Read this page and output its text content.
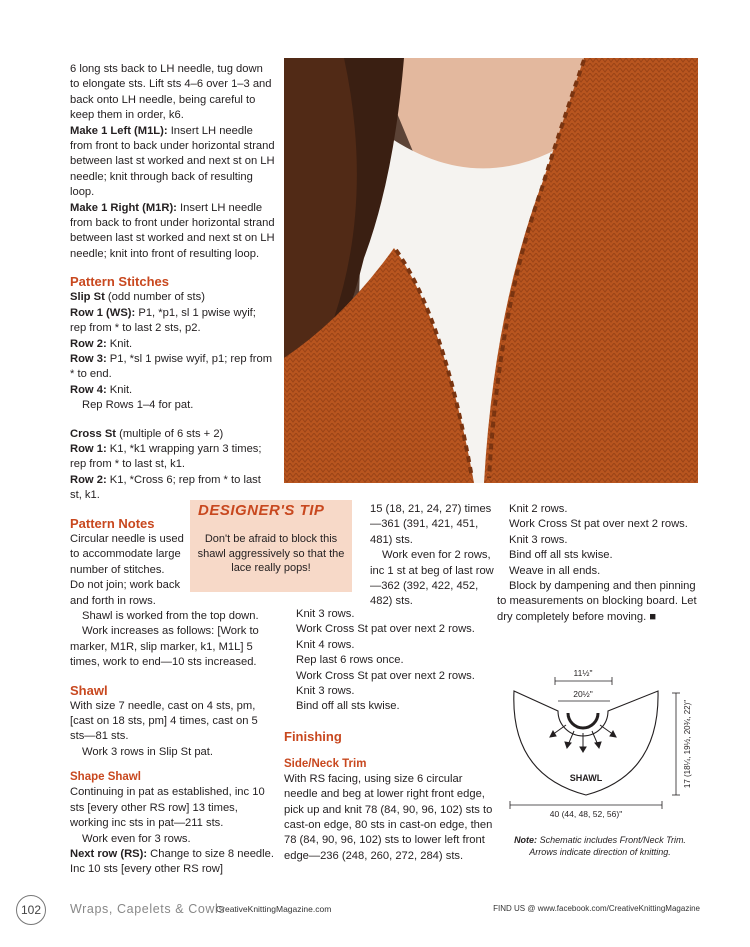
6 long sts back to LH needle, tug down to elongate sts. Lift sts 4–6 over 1–3 and back onto LH needle, being careful to keep them in order, k6.

Make 1 Left (M1L): Insert LH needle from front to back under horizontal strand between last st worked and next st on LH needle; knit through back of resulting loop.

Make 1 Right (M1R): Insert LH needle from back to front under horizontal strand between last st worked and next st on LH needle; knit into front of resulting loop.

Pattern Stitches

Slip St (odd number of sts)

Row 1 (WS): P1, *p1, sl 1 pwise wyif; rep from * to last 2 sts, p2.

Row 2: Knit.

Row 3: P1, *sl 1 pwise wyif, p1; rep from * to end.

Row 4: Knit.

Rep Rows 1–4 for pat.

Cross St (multiple of 6 sts + 2)

Row 1: K1, *k1 wrapping yarn 3 times; rep from * to last st, k1.

Row 2: K1, *Cross 6; rep from * to last st, k1.

Pattern Notes

Circular needle is used to accommodate large number of stitches.

Do not join; work back and forth in rows.

Shawl is worked from the top down.

Work increases as follows: [Work to marker, M1R, slip marker, k1, M1L] 5 times, work to end—10 sts increased.

Shawl

With size 7 needle, cast on 4 sts, pm, [cast on 18 sts, pm] 4 times, cast on 5 sts—81 sts.

Work 3 rows in Slip St pat.

Shape Shawl

Continuing in pat as established, inc 10 sts [every other RS row] 13 times, working inc sts in pat—211 sts.

Work even for 3 rows.

Next row (RS): Change to size 8 needle. Inc 10 sts [every other RS row]

DESIGNER'S TIP
Don't be afraid to block this shawl aggressively so that the lace really pops!

15 (18, 21, 24, 27) times—361 (391, 421, 451, 481) sts.

Work even for 2 rows, inc 1 st at beg of last row—362 (392, 422, 452, 482) sts.

Knit 3 rows.

Work Cross St pat over next 2 rows.

Knit 4 rows.

Rep last 6 rows once.

Work Cross St pat over next 2 rows.

Knit 3 rows.

Bind off all sts kwise.

Finishing
Side/Neck Trim

With RS facing, using size 6 circular needle and beg at lower right front edge, pick up and knit 78 (84, 90, 96, 102) sts to cast-on edge, 80 sts in cast-on edge, then 78 (84, 90, 96, 102) sts to lower left front edge—236 (248, 260, 272, 284) sts.

Knit 2 rows.

Work Cross St pat over next 2 rows.

Knit 3 rows.

Bind off all sts kwise.

Weave in all ends.

Block by dampening and then pinning to measurements on blocking board. Let dry completely before moving. ■

11½"
20½"
SHAWL
40 (44, 48, 52, 56)"
17 (18¼, 19½, 20¾, 22)"
Note: Schematic includes Front/Neck Trim. Arrows indicate direction of knitting.
102	Wraps, Capelets & Cowls
CreativeKnittingMagazine.com	FIND US @ www.facebook.com/CreativeKnittingMagazine
